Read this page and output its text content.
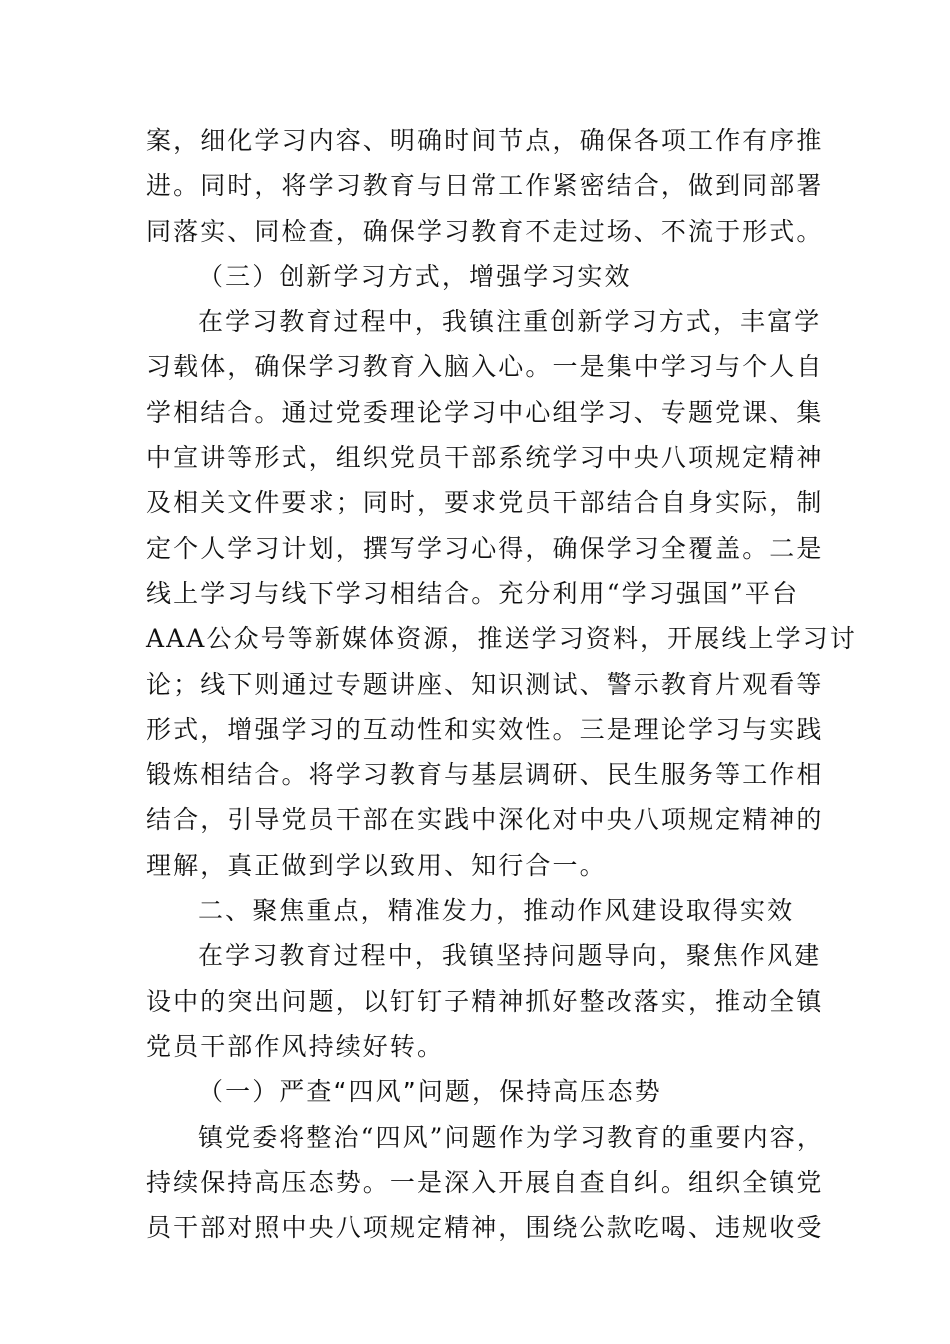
案，细化学习内容、明确时间节点，确保各项工作有序推
进。同时，将学习教育与日常工作紧密结合，做到同部署
同落实、同检查，确保学习教育不走过场、不流于形式。
（三）创新学习方式，增强学习实效
在学习教育过程中，我镇注重创新学习方式，丰富学
习载体，确保学习教育入脑入心。一是集中学习与个人自
学相结合。通过党委理论学习中心组学习、专题党课、集
中宣讲等形式，组织党员干部系统学习中央八项规定精神
及相关文件要求；同时，要求党员干部结合自身实际，制
定个人学习计划，撰写学习心得，确保学习全覆盖。二是
线上学习与线下学习相结合。充分利用“学习强国”平台
AAA公众号等新媒体资源，推送学习资料，开展线上学习讨
论；线下则通过专题讲座、知识测试、警示教育片观看等
形式，增强学习的互动性和实效性。三是理论学习与实践
锻炼相结合。将学习教育与基层调研、民生服务等工作相
结合，引导党员干部在实践中深化对中央八项规定精神的
理解，真正做到学以致用、知行合一。
二、聚焦重点，精准发力，推动作风建设取得实效
在学习教育过程中，我镇坚持问题导向，聚焦作风建
设中的突出问题，以钉钉子精神抓好整改落实，推动全镇
党员干部作风持续好转。
（一）严查“四风”问题，保持高压态势
镇党委将整治“四风”问题作为学习教育的重要内容，
持续保持高压态势。一是深入开展自查自纠。组织全镇党
员干部对照中央八项规定精神，围绕公款吃喝、违规收受
